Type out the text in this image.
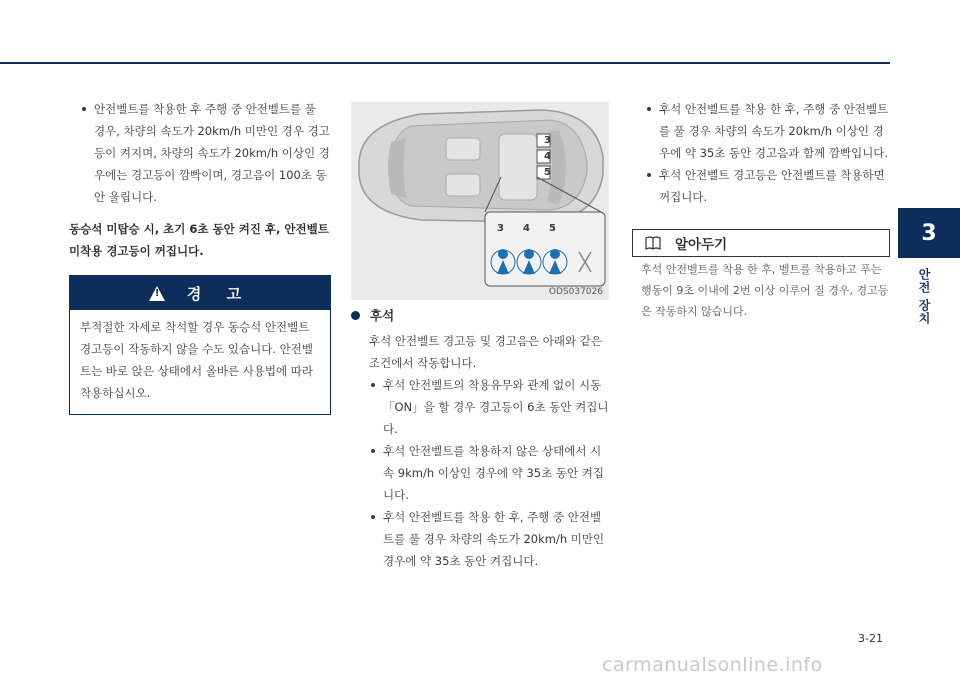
3
안전 장치

안전벨트를 착용한 후 주행 중 안전벨트를 풀 경우, 차량의 속도가 20km/h 미만인 경우 경고등이 켜지며, 차량의 속도가 20km/h 이상인 경우에는 경고등이 깜빡이며, 경고음이 100초 동안 울립니다.

동승석 미탑승 시, 초기 6초 동안 켜진 후, 안전벨트 미착용 경고등이 꺼집니다.
! 경 고
부적절한 자세로 착석할 경우 동승석 안전벨트 경고등이 작동하지 않을 수도 있습니다. 안전벨트는 바로 앉은 상태에서 올바른 사용법에 따라 착용하십시오.
3
4
5
3 4 5
ODS037026
후석

후석 안전벨트 경고등 및 경고음은 아래와 같은 조건에서 작동합니다.

후석 안전벨트의 착용유무와 관계 없이 시동「ON」을 할 경우 경고등이 6초 동안 켜집니다.

후석 안전벨트를 착용하지 않은 상태에서 시속 9km/h 이상인 경우에 약 35초 동안 켜집니다.

후석 안전벨트를 착용 한 후, 주행 중 안전벨트를 풀 경우 차량의 속도가 20km/h 미만인 경우에 약 35초 동안 켜집니다.

후석 안전벨트를 착용 한 후, 주행 중 안전벨트를 풀 경우 차량의 속도가 20km/h 이상인 경우에 약 35초 동안 경고음과 함께 깜빡입니다.

후석 안전벨트 경고등은 안전벨트를 착용하면 꺼집니다.

알아두기
후석 안전벨트를 착용 한 후, 벨트를 착용하고 푸는 행동이 9초 이내에 2번 이상 이루어 질 경우, 경고등은 작동하지 않습니다.
3-21
carmanualsonline.info
